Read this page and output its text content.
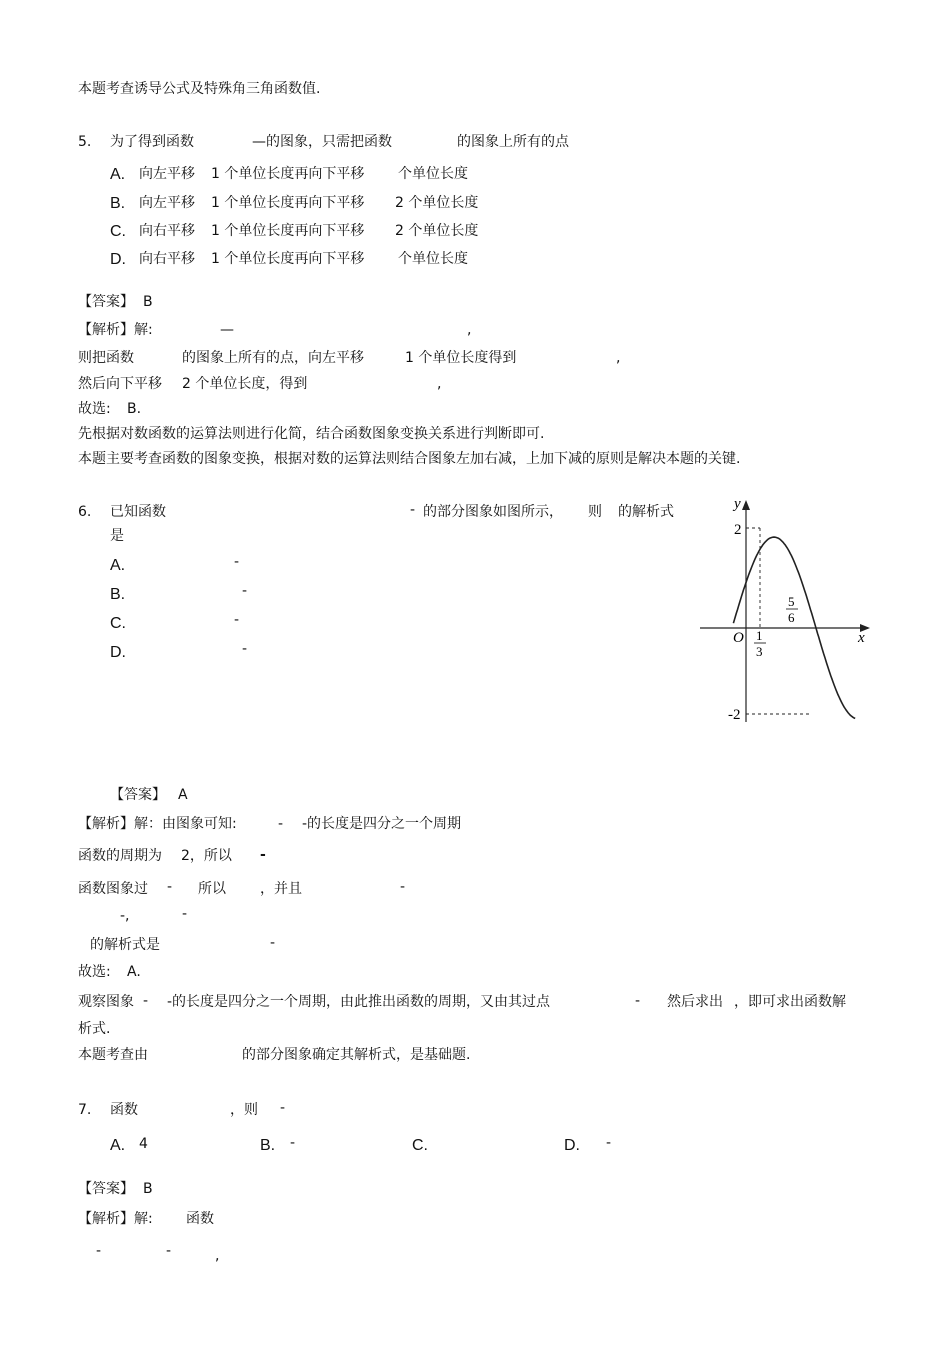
本题考查诱导公式及特殊角三角函数值.
5. 为了得到函数	—的图象，只需把函数	的图象上所有的点
A. 向左平移 1 个单位长度再向下平移 个单位长度
B. 向左平移 1 个单位长度再向下平移 2 个单位长度
C. 向右平移 1 个单位长度再向下平移 2 个单位长度
D. 向右平移 1 个单位长度再向下平移 个单位长度
【答案】 B
【解析】解:	—	,
则把函数	的图象上所有的点，向左平移	1 个单位长度得到	,
然后向下平移 2 个单位长度，得到	,
故选: B.
先根据对数函数的运算法则进行化简，结合函数图象变换关系进行判断即可.
本题主要考查函数的图象变换，根据对数的运算法则结合图象左加右减，上加下减的原则是解决本题的关键.
6. 已知函数	- 的部分图象如图所示， 则 的解析式
是
A.	-
B.	-
C.	-
D.	-
y
x
O
2
-2
1
3
5
6
【答案】 A
【解析】解：由图象可知:	- -的长度是四分之一个周期
函数的周期为 2，所以 -
函数图象过 - 所以 ，并且	-
-,	-
的解析式是	-
故选: A.
观察图象 - -的长度是四分之一个周期，由此推出函数的周期，又由其过点	- 然后求出 ，即可求出函数解
析式.
本题考查由	的部分图象确定其解析式，是基础题.
7. 函数	，则 -
A. 4	B. -	C.	D. -
【答案】 B
【解析】解: 函数
-	-	,
